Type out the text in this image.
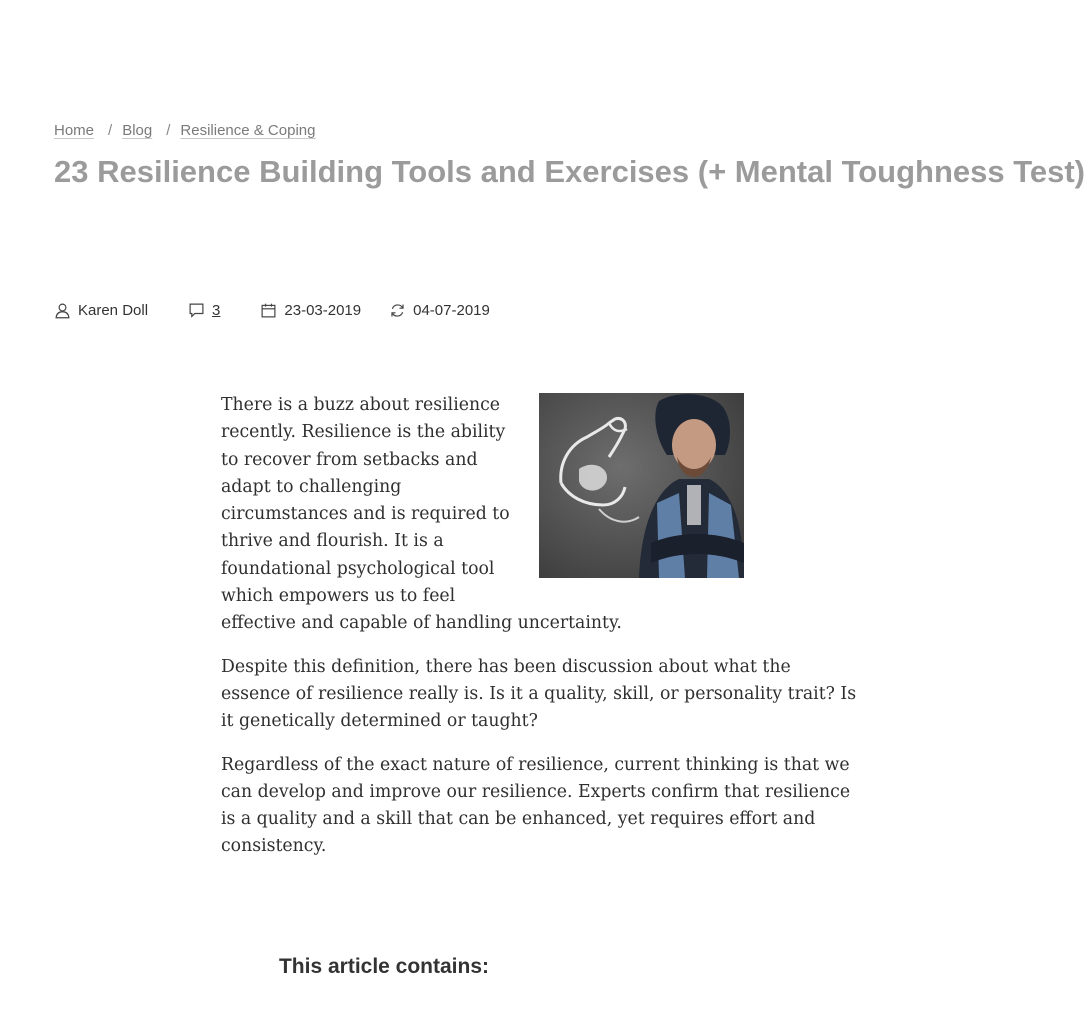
Home / Blog / Resilience & Coping
23 Resilience Building Tools and Exercises (+ Mental Toughness Test)
Karen Doll	3	23-03-2019	04-07-2019

There is a buzz about resilience
recently. Resilience is the ability
to recover from setbacks and
adapt to challenging
circumstances and is required to
thrive and flourish. It is a
foundational psychological tool
which empowers us to feel
effective and capable of handling uncertainty.

Despite this definition, there has been discussion about what the
essence of resilience really is. Is it a quality, skill, or personality trait? Is
it genetically determined or taught?

Regardless of the exact nature of resilience, current thinking is that we
can develop and improve our resilience. Experts confirm that resilience
is a quality and a skill that can be enhanced, yet requires effort and
consistency.

This article contains:
